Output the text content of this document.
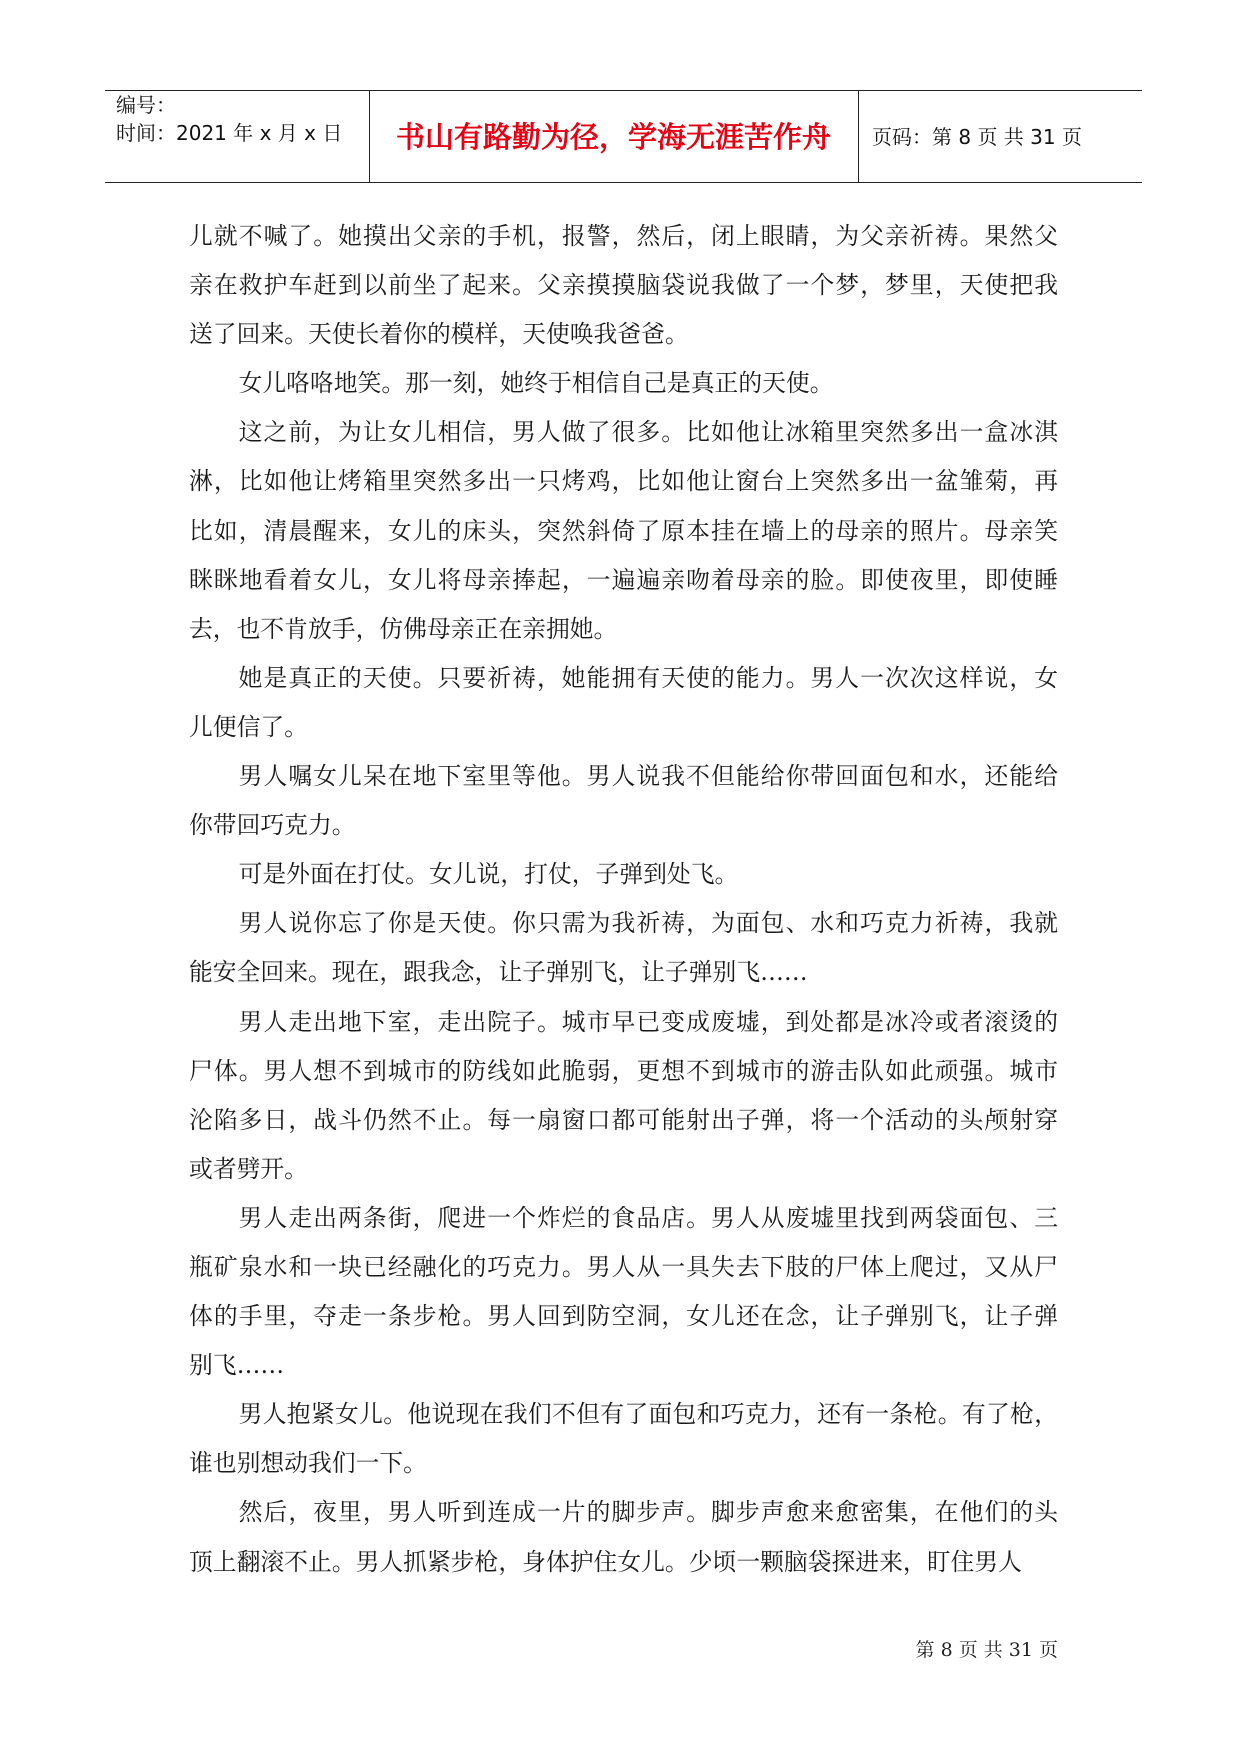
编号：
时间：2021 年 x 月 x 日	书山有路勤为径，学海无涯苦作舟	页码：第 8 页 共 31 页
儿就不喊了。她摸出父亲的手机，报警，然后，闭上眼睛，为父亲祈祷。果然父
亲在救护车赶到以前坐了起来。父亲摸摸脑袋说我做了一个梦，梦里，天使把我
送了回来。天使长着你的模样，天使唤我爸爸。
女儿咯咯地笑。那一刻，她终于相信自己是真正的天使。
这之前，为让女儿相信，男人做了很多。比如他让冰箱里突然多出一盒冰淇
淋，比如他让烤箱里突然多出一只烤鸡，比如他让窗台上突然多出一盆雏菊，再
比如，清晨醒来，女儿的床头，突然斜倚了原本挂在墙上的母亲的照片。母亲笑
眯眯地看着女儿，女儿将母亲捧起，一遍遍亲吻着母亲的脸。即使夜里，即使睡
去，也不肯放手，仿佛母亲正在亲拥她。
她是真正的天使。只要祈祷，她能拥有天使的能力。男人一次次这样说，女
儿便信了。
男人嘱女儿呆在地下室里等他。男人说我不但能给你带回面包和水，还能给
你带回巧克力。
可是外面在打仗。女儿说，打仗，子弹到处飞。
男人说你忘了你是天使。你只需为我祈祷，为面包、水和巧克力祈祷，我就
能安全回来。现在，跟我念，让子弹别飞，让子弹别飞……
男人走出地下室，走出院子。城市早已变成废墟，到处都是冰冷或者滚烫的
尸体。男人想不到城市的防线如此脆弱，更想不到城市的游击队如此顽强。城市
沦陷多日，战斗仍然不止。每一扇窗口都可能射出子弹，将一个活动的头颅射穿
或者劈开。
男人走出两条街，爬进一个炸烂的食品店。男人从废墟里找到两袋面包、三
瓶矿泉水和一块已经融化的巧克力。男人从一具失去下肢的尸体上爬过，又从尸
体的手里，夺走一条步枪。男人回到防空洞，女儿还在念，让子弹别飞，让子弹
别飞……
男人抱紧女儿。他说现在我们不但有了面包和巧克力，还有一条枪。有了枪，
谁也别想动我们一下。
然后，夜里，男人听到连成一片的脚步声。脚步声愈来愈密集，在他们的头
顶上翻滚不止。男人抓紧步枪，身体护住女儿。少顷一颗脑袋探进来，盯住男人
第 8 页 共 31 页
